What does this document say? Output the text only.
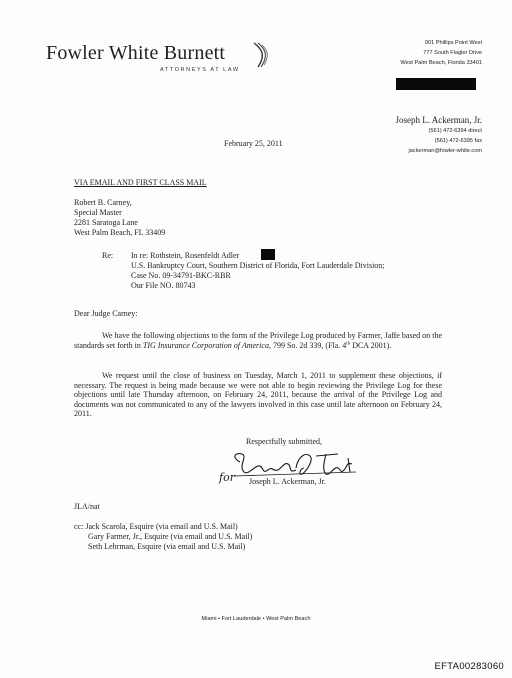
Fowler White Burnett
ATTORNEYS AT LAW
901 Phillips Point West
777 South Flagler Drive
West Palm Beach, Florida 33401
Joseph L. Ackerman, Jr.
(561) 472-6394 direct
(561) 472-6395 fax
jackerman@fowler-white.com
February 25, 2011
VIA EMAIL AND FIRST CLASS MAIL
Robert B. Carney,
Special Master
2281 Saratoga Lane
West Palm Beach, FL 33409
Re: In re: Rothstein, Rosenfeldt Adler
U.S. Bankruptcy Court, Southern District of Florida, Fort Lauderdale Division;
Case No. 09-34791-BKC-RBR
Our File NO. 80743
Dear Judge Carney:
We have the following objections to the form of the Privilege Log produced by Farmer, Jaffe based on the standards set forth in TIG Insurance Corporation of America, 799 So. 2d 339, (Fla. 4th DCA 2001).
We request until the close of business on Tuesday, March 1, 2011 to supplement these objections, if necessary. The request is being made because we were not able to begin reviewing the Privilege Log for these objections until late Thursday afternoon, on February 24, 2011, because the arrival of the Privilege Log and documents was not communicated to any of the lawyers involved in this case until late afternoon on February 24, 2011.
Respectfully submitted,
for Joseph L. Ackerman, Jr.
JLA/nat
cc: Jack Scarola, Esquire (via email and U.S. Mail)
Gary Farmer, Jr., Esquire (via email and U.S. Mail)
Seth Lehrman, Esquire (via email and U.S. Mail)
Miami • Fort Lauderdale • West Palm Beach
EFTA00283060
